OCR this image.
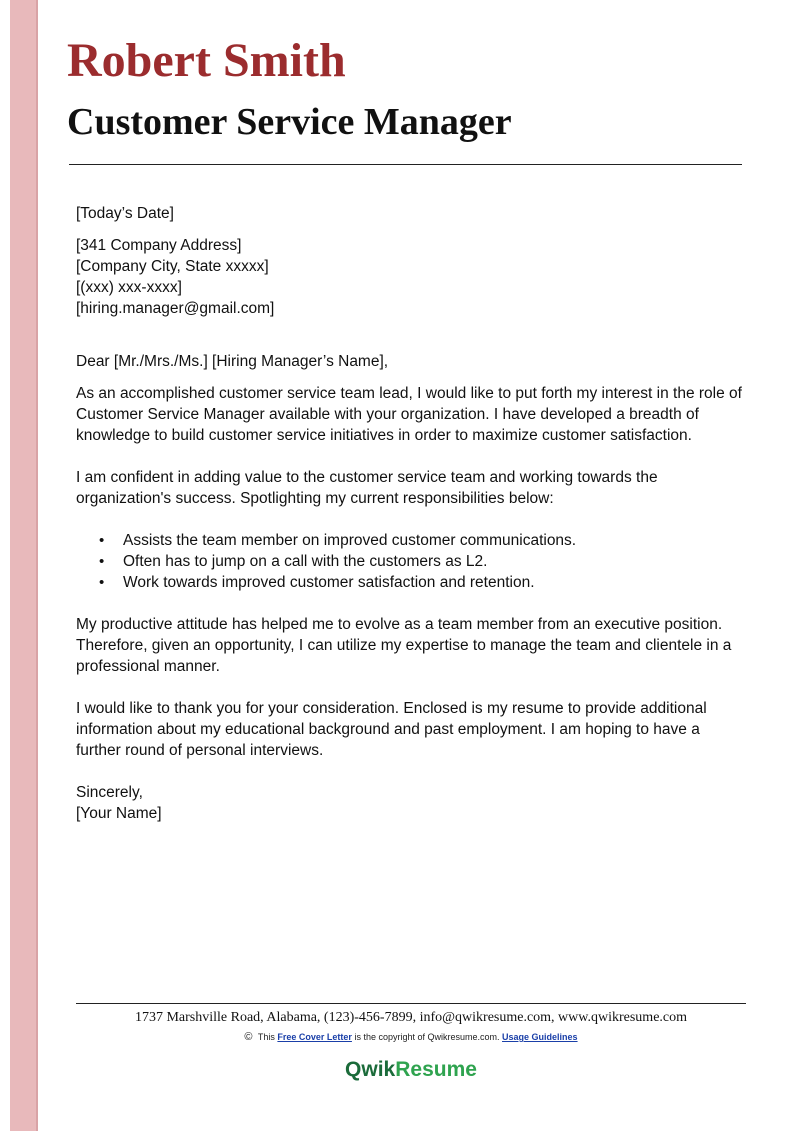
Robert Smith
Customer Service Manager

[Today’s Date]

[341 Company Address]

[Company City, State xxxxx]

[(xxx) xxx-xxxx]

[hiring.manager@gmail.com]

Dear [Mr./Mrs./Ms.] [Hiring Manager’s Name],

As an accomplished customer service team lead, I would like to put forth my interest in the role of Customer Service Manager available with your organization. I have developed a breadth of knowledge to build customer service initiatives in order to maximize customer satisfaction.

I am confident in adding value to the customer service team and working towards the organization's success. Spotlighting my current responsibilities below:

• Assists the team member on improved customer communications.
• Often has to jump on a call with the customers as L2.
• Work towards improved customer satisfaction and retention.

My productive attitude has helped me to evolve as a team member from an executive position. Therefore, given an opportunity, I can utilize my expertise to manage the team and clientele in a professional manner.

I would like to thank you for your consideration. Enclosed is my resume to provide additional information about my educational background and past employment. I am hoping to have a further round of personal interviews.

Sincerely,

[Your Name]

1737 Marshville Road, Alabama, (123)-456-7899, info@qwikresume.com, www.qwikresume.com
© This Free Cover Letter is the copyright of Qwikresume.com. Usage Guidelines
QwikResume
